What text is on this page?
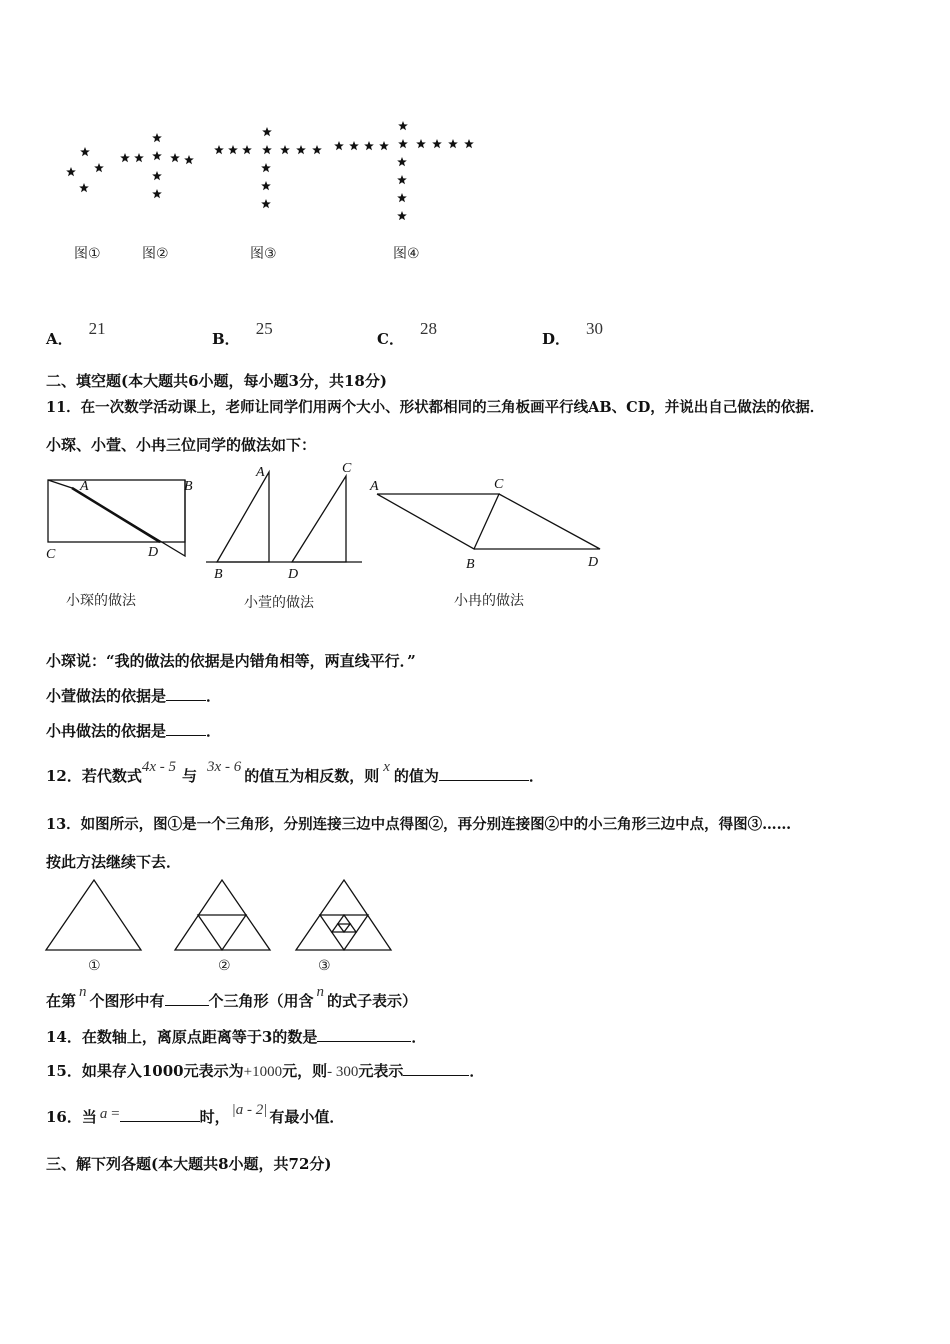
图①	图②	图③	图④
A．21
B．25
C．28
D．30
二、填空题(本大题共6小题，每小题3分，共18分)
11．在一次数学活动课上，老师让同学们用两个大小、形状都相同的三角板画平行线AB、CD，并说出自己做法的依据．
小琛、小萱、小冉三位同学的做法如下：
A	B
C	D
A
B
C
D
A	C
B	D
小琛的做法	小萱的做法	小冉的做法
小琛说：“我的做法的依据是内错角相等，两直线平行．”
小萱做法的依据是	．
小冉做法的依据是	．
12．若代数式4x - 5 与 3x - 6 的值互为相反数，则 x 的值为	．
13．如图所示，图①是一个三角形，分别连接三边中点得图②，再分别连接图②中的小三角形三边中点，得图③……
按此方法继续下去．
①	②	③
在第 n 个图形中有	个三角形（用含 n 的式子表示）
14．在数轴上，离原点距离等于3的数是	．
15．如果存入1000元表示为+1000元，则- 300元表示	．
16．当 a =	时， |a - 2| 有最小值．
三、解下列各题(本大题共8小题，共72分)
